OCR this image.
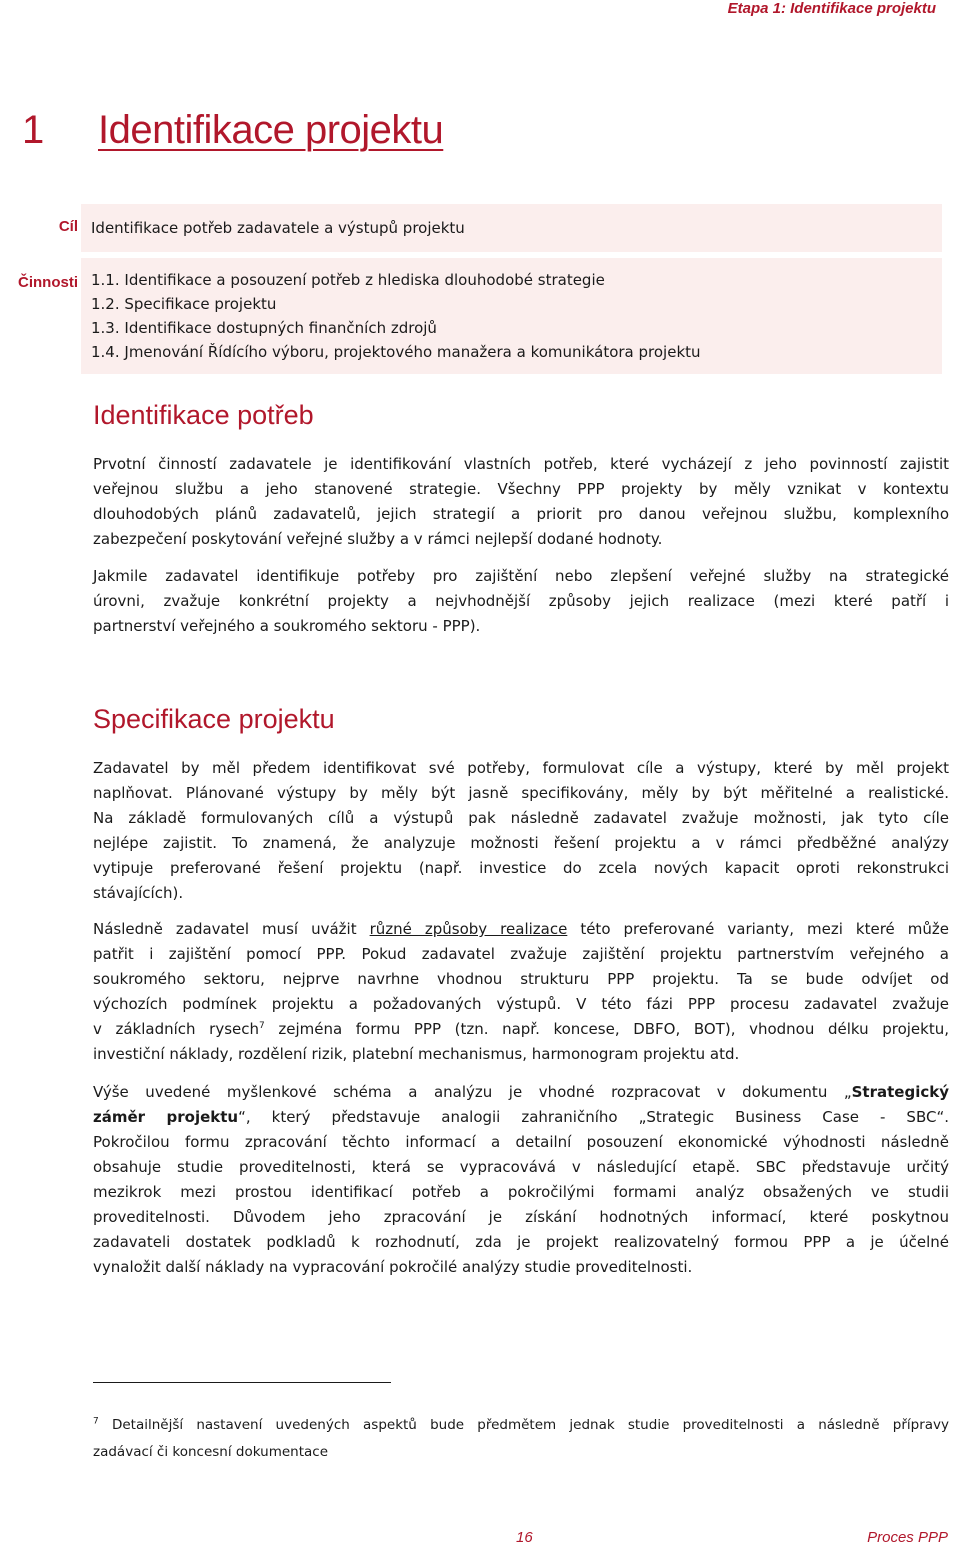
Etapa 1: Identifikace projektu
1 Identifikace projektu
Cíl Identifikace potřeb zadavatele a výstupů projektu
Činnosti 1.1. Identifikace a posouzení potřeb z hlediska dlouhodobé strategie
1.2. Specifikace projektu
1.3. Identifikace dostupných finančních zdrojů
1.4. Jmenování Řídícího výboru, projektového manažera a komunikátora projektu
Identifikace potřeb
Prvotní činností zadavatele je identifikování vlastních potřeb, které vycházejí z jeho povinností zajistit
veřejnou službu a jeho stanovené strategie. Všechny PPP projekty by měly vznikat v kontextu
dlouhodobých plánů zadavatelů, jejich strategií a priorit pro danou veřejnou službu, komplexního
zabezpečení poskytování veřejné služby a v rámci nejlepší dodané hodnoty.
Jakmile zadavatel identifikuje potřeby pro zajištění nebo zlepšení veřejné služby na strategické
úrovni, zvažuje konkrétní projekty a nejvhodnější způsoby jejich realizace (mezi které patří i
partnerství veřejného a soukromého sektoru - PPP).
Specifikace projektu
Zadavatel by měl předem identifikovat své potřeby, formulovat cíle a výstupy, které by měl projekt
naplňovat. Plánované výstupy by měly být jasně specifikovány, měly by být měřitelné a realistické.
Na základě formulovaných cílů a výstupů pak následně zadavatel zvažuje možnosti, jak tyto cíle
nejlépe zajistit. To znamená, že analyzuje možnosti řešení projektu a v rámci předběžné analýzy
vytipuje preferované řešení projektu (např. investice do zcela nových kapacit oproti rekonstrukci
stávajících).
Následně zadavatel musí uvážit různé způsoby realizace této preferované varianty, mezi které může
patřit i zajištění pomocí PPP. Pokud zadavatel zvažuje zajištění projektu partnerstvím veřejného a
soukromého sektoru, nejprve navrhne vhodnou strukturu PPP projektu. Ta se bude odvíjet od
výchozích podmínek projektu a požadovaných výstupů. V této fázi PPP procesu zadavatel zvažuje
v základních rysech$^7$ zejména formu PPP (tzn. např. koncese, DBFO, BOT), vhodnou délku projektu,
investiční náklady, rozdělení rizik, platební mechanismus, harmonogram projektu atd.
Výše uvedené myšlenkové schéma a analýzu je vhodné rozpracovat v dokumentu „Strategický
záměr projektu“, který představuje analogii zahraničního „Strategic Business Case - SBC“.
Pokročilou formu zpracování těchto informací a detailní posouzení ekonomické výhodnosti následně
obsahuje studie proveditelnosti, která se vypracovává v následující etapě. SBC představuje určitý
mezikrok mezi prostou identifikací potřeb a pokročilými formami analýz obsažených ve studii
proveditelnosti. Důvodem jeho zpracování je získání hodnotných informací, které poskytnou
zadavateli dostatek podkladů k rozhodnutí, zda je projekt realizovatelný formou PPP a je účelné
vynaložit další náklady na vypracování pokročilé analýzy studie proveditelnosti.
$^7$ Detailnější nastavení uvedených aspektů bude předmětem jednak studie proveditelnosti a následně přípravy
zadávací či koncesní dokumentace
16	Proces PPP
